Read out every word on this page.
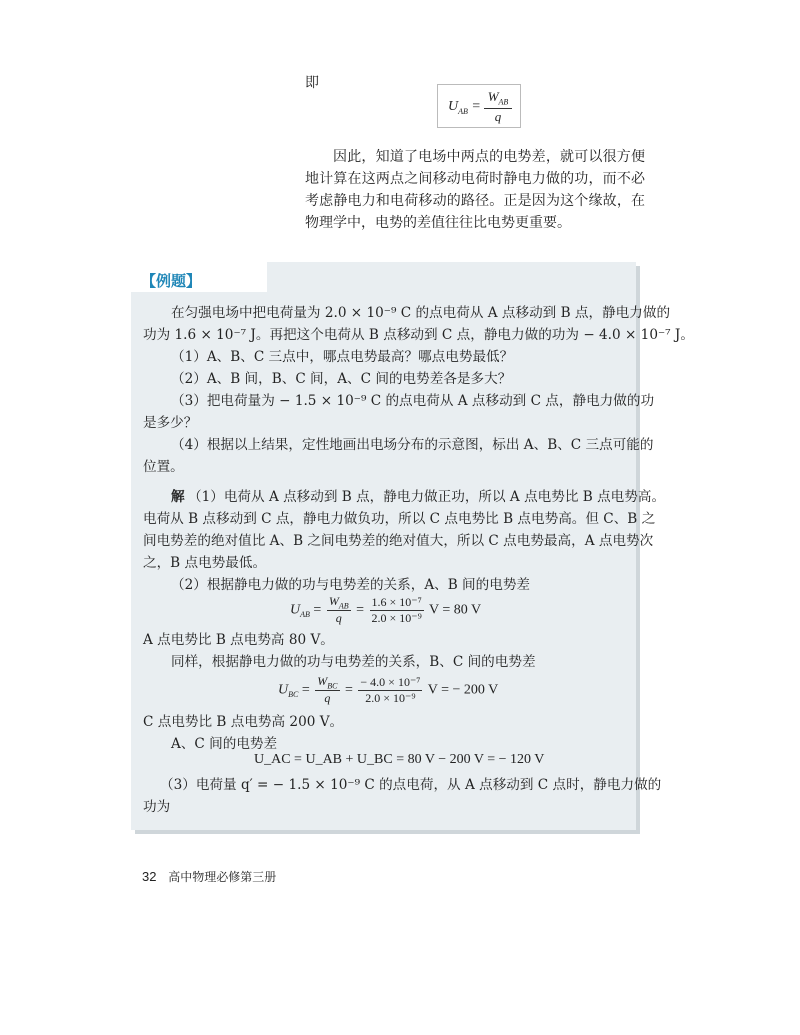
即
$U_{AB}$ =
$W_{AB}$
q
因此，知道了电场中两点的电势差，就可以很方便地计算在这两点之间移动电荷时静电力做的功，而不必考虑静电力和电荷移动的路径。正是因为这个缘故，在物理学中，电势的差值往往比电势更重要。
【例题】
在匀强电场中把电荷量为 2.0 × 10⁻⁹ C 的点电荷从 A 点移动到 B 点，静电力做的
功为 1.6 × 10⁻⁷ J。再把这个电荷从 B 点移动到 C 点，静电力做的功为 − 4.0 × 10⁻⁷ J。
（1）A、B、C 三点中，哪点电势最高？哪点电势最低？
（2）A、B 间，B、C 间，A、C 间的电势差各是多大？
（3）把电荷量为 − 1.5 × 10⁻⁹ C 的点电荷从 A 点移动到 C 点，静电力做的功
是多少？
（4）根据以上结果，定性地画出电场分布的示意图，标出 A、B、C 三点可能的
位置。
解 （1）电荷从 A 点移动到 B 点，静电力做正功，所以 A 点电势比 B 点电势高。
电荷从 B 点移动到 C 点，静电力做负功，所以 C 点电势比 B 点电势高。但 C、B 之
间电势差的绝对值比 A、B 之间电势差的绝对值大，所以 C 点电势最高，A 点电势次
之，B 点电势最低。
（2）根据静电力做的功与电势差的关系，A、B 间的电势差
$U_{AB}$ =
$W_{AB}$
q
= $\frac{\text{1.6 × 10⁻⁷}}{\text{2.0 × 10⁻⁹}}$ V = 80 V
A 点电势比 B 点电势高 80 V。
同样，根据静电力做的功与电势差的关系，B、C 间的电势差
$U_{BC}$ =
$W_{BC}$
q
= $\frac{\text{− 4.0 × 10⁻⁷}}{\text{2.0 × 10⁻⁹}}$ V = − 200 V
C 点电势比 B 点电势高 200 V。
A、C 间的电势差
U_AC = U_AB + U_BC = 80 V − 200 V = − 120 V
（3）电荷量 q′ = − 1.5 × 10⁻⁹ C 的点电荷，从 A 点移动到 C 点时，静电力做的
功为
32 高中物理必修第三册
